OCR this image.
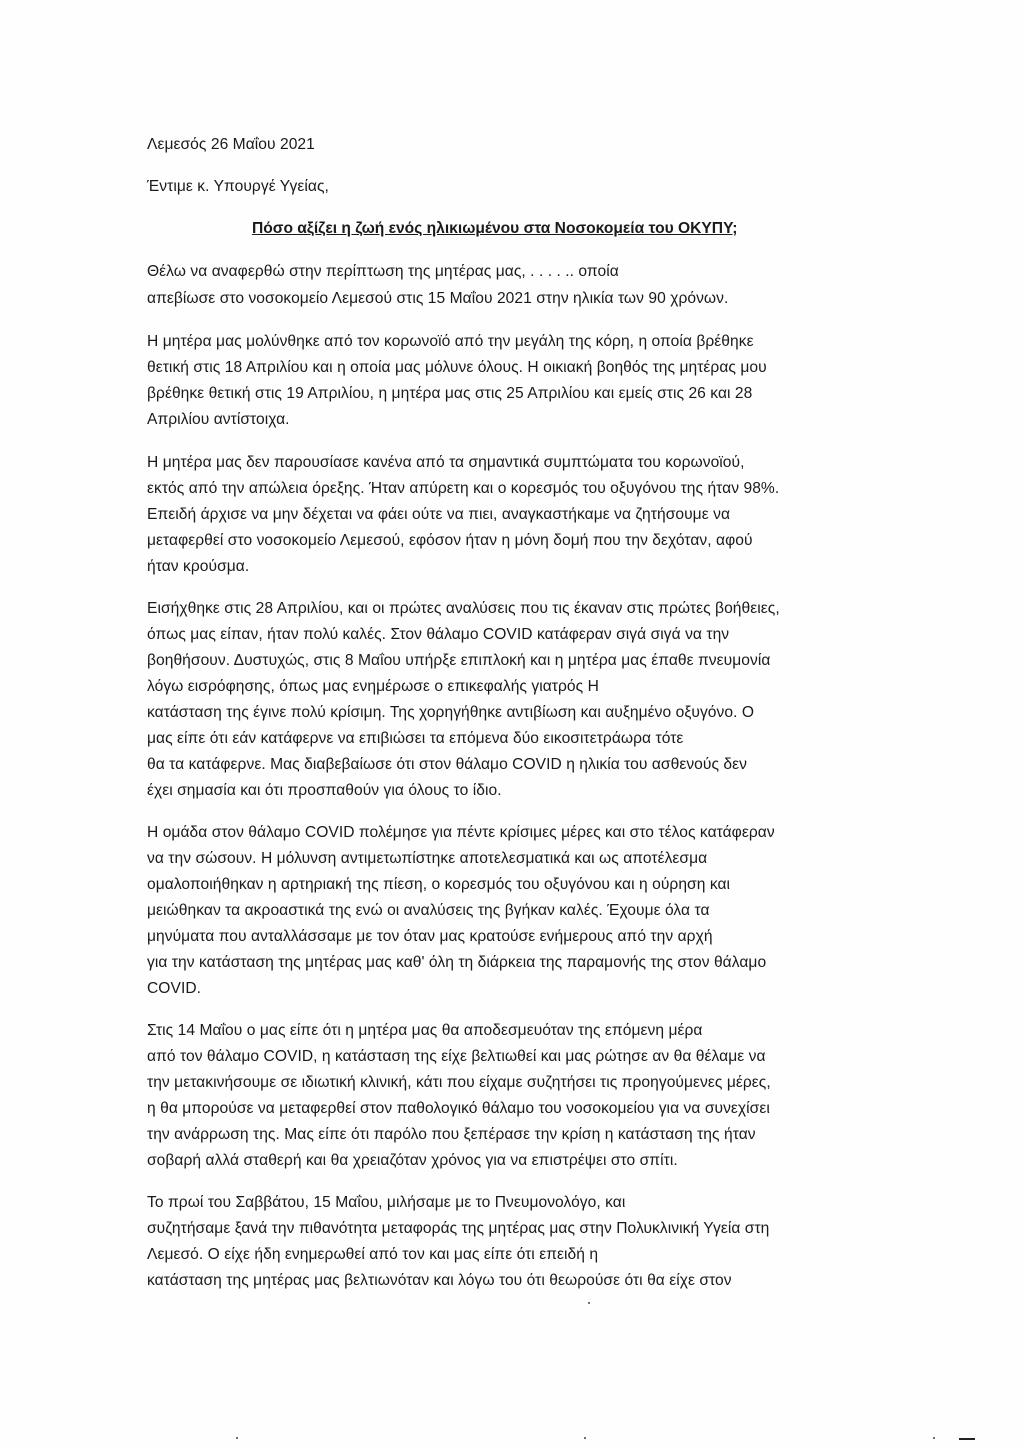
Λεμεσός 26 Μαΐου 2021
Έντιμε κ. Υπουργέ Υγείας,
Πόσο αξίζει η ζωή ενός ηλικιωμένου στα Νοσοκομεία του ΟΚΥΠΥ;
Θέλω να αναφερθώ στην περίπτωση της μητέρας μας, . . . . .. οποία
απεβίωσε στο νοσοκομείο Λεμεσού στις 15 Μαΐου 2021 στην ηλικία των 90 χρόνων.
Η μητέρα μας μολύνθηκε από τον κορωνοϊό από την μεγάλη της κόρη, η οποία βρέθηκε
θετική στις 18 Απριλίου και η οποία μας μόλυνε όλους. Η οικιακή βοηθός της μητέρας μου
βρέθηκε θετική στις 19 Απριλίου, η μητέρα μας στις 25 Απριλίου και εμείς στις 26 και 28
Απριλίου αντίστοιχα.
Η μητέρα μας δεν παρουσίασε κανένα από τα σημαντικά συμπτώματα του κορωνοϊού,
εκτός από την απώλεια όρεξης. Ήταν απύρετη και ο κορεσμός του οξυγόνου της ήταν 98%.
Επειδή άρχισε να μην δέχεται να φάει ούτε να πιει, αναγκαστήκαμε να ζητήσουμε να
μεταφερθεί στο νοσοκομείο Λεμεσού, εφόσον ήταν η μόνη δομή που την δεχόταν, αφού
ήταν κρούσμα.
Εισήχθηκε στις 28 Απριλίου, και οι πρώτες αναλύσεις που τις έκαναν στις πρώτες βοήθειες,
όπως μας είπαν, ήταν πολύ καλές. Στον θάλαμο COVID κατάφεραν σιγά σιγά να την
βοηθήσουν. Δυστυχώς, στις 8 Μαΐου υπήρξε επιπλοκή και η μητέρα μας έπαθε πνευμονία
λόγω εισρόφησης, όπως μας ενημέρωσε ο επικεφαλής γιατρός Η
κατάσταση της έγινε πολύ κρίσιμη. Της χορηγήθηκε αντιβίωση και αυξημένο οξυγόνο. Ο
μας είπε ότι εάν κατάφερνε να επιβιώσει τα επόμενα δύο εικοσιτετράωρα τότε
θα τα κατάφερνε. Μας διαβεβαίωσε ότι στον θάλαμο COVID η ηλικία του ασθενούς δεν
έχει σημασία και ότι προσπαθούν για όλους το ίδιο.
Η ομάδα στον θάλαμο COVID πολέμησε για πέντε κρίσιμες μέρες και στο τέλος κατάφεραν
να την σώσουν. Η μόλυνση αντιμετωπίστηκε αποτελεσματικά και ως αποτέλεσμα
ομαλοποιήθηκαν η αρτηριακή της πίεση, ο κορεσμός του οξυγόνου και η ούρηση και
μειώθηκαν τα ακροαστικά της ενώ οι αναλύσεις της βγήκαν καλές. Έχουμε όλα τα
μηνύματα που ανταλλάσσαμε με τον όταν μας κρατούσε ενήμερους από την αρχή
για την κατάσταση της μητέρας μας καθ' όλη τη διάρκεια της παραμονής της στον θάλαμο
COVID.
Στις 14 Μαΐου ο μας είπε ότι η μητέρα μας θα αποδεσμευόταν της επόμενη μέρα
από τον θάλαμο COVID, η κατάσταση της είχε βελτιωθεί και μας ρώτησε αν θα θέλαμε να
την μετακινήσουμε σε ιδιωτική κλινική, κάτι που είχαμε συζητήσει τις προηγούμενες μέρες,
η θα μπορούσε να μεταφερθεί στον παθολογικό θάλαμο του νοσοκομείου για να συνεχίσει
την ανάρρωση της. Μας είπε ότι παρόλο που ξεπέρασε την κρίση η κατάσταση της ήταν
σοβαρή αλλά σταθερή και θα χρειαζόταν χρόνος για να επιστρέψει στο σπίτι.
Το πρωί του Σαββάτου, 15 Μαΐου, μιλήσαμε με το Πνευμονολόγο, και
συζητήσαμε ξανά την πιθανότητα μεταφοράς της μητέρας μας στην Πολυκλινική Υγεία στη
Λεμεσό. Ο είχε ήδη ενημερωθεί από τον και μας είπε ότι επειδή η
κατάσταση της μητέρας μας βελτιωνόταν και λόγω του ότι θεωρούσε ότι θα είχε στον
